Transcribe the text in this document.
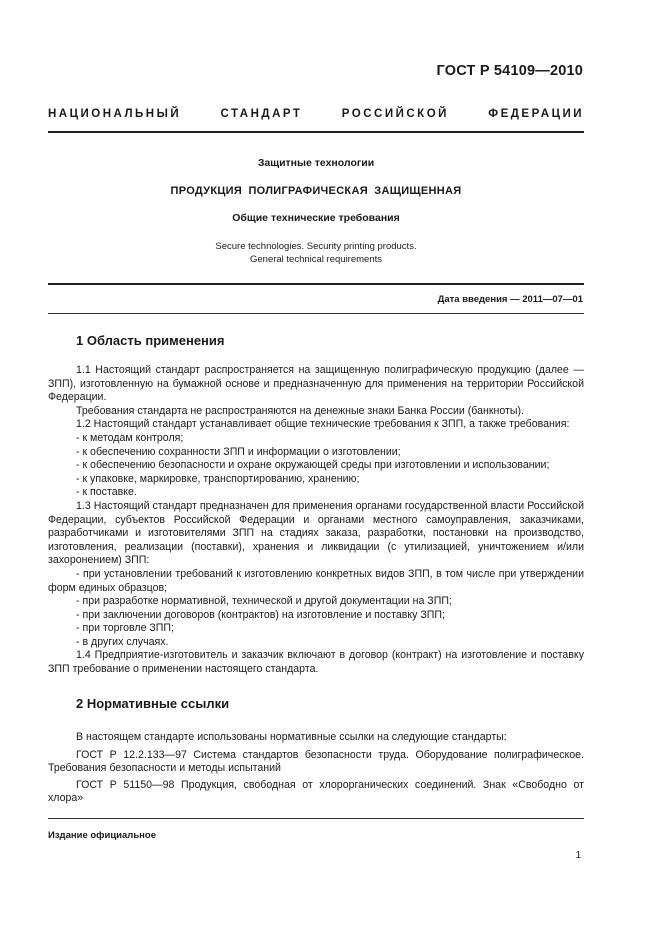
ГОСТ Р 54109—2010
НАЦИОНАЛЬНЫЙ СТАНДАРТ РОССИЙСКОЙ ФЕДЕРАЦИИ
Защитные технологии
ПРОДУКЦИЯ ПОЛИГРАФИЧЕСКАЯ ЗАЩИЩЕННАЯ
Общие технические требования
Secure technologies. Security printing products.
General technical requirements
Дата введения — 2011—07—01
1 Область применения

1.1 Настоящий стандарт распространяется на защищенную полиграфическую продукцию (далее — ЗПП), изготовленную на бумажной основе и предназначенную для применения на территории Российской Федерации.

Требования стандарта не распространяются на денежные знаки Банка России (банкноты).

1.2 Настоящий стандарт устанавливает общие технические требования к ЗПП, а также требования:

- к методам контроля;

- к обеспечению сохранности ЗПП и информации о изготовлении;

- к обеспечению безопасности и охране окружающей среды при изготовлении и использовании;

- к упаковке, маркировке, транспортированию, хранению;

- к поставке.

1.3 Настоящий стандарт предназначен для применения органами государственной власти Российской Федерации, субъектов Российской Федерации и органами местного самоуправления, заказчиками, разработчиками и изготовителями ЗПП на стадиях заказа, разработки, постановки на производство, изготовления, реализации (поставки), хранения и ликвидации (с утилизацией, уничтожением и/или захоронением) ЗПП:

- при установлении требований к изготовлению конкретных видов ЗПП, в том числе при утверждении форм единых образцов;

- при разработке нормативной, технической и другой документации на ЗПП;

- при заключении договоров (контрактов) на изготовление и поставку ЗПП;

- при торговле ЗПП;

- в других случаях.

1.4 Предприятие-изготовитель и заказчик включают в договор (контракт) на изготовление и поставку ЗПП требование о применении настоящего стандарта.

2 Нормативные ссылки

В настоящем стандарте использованы нормативные ссылки на следующие стандарты:

ГОСТ Р 12.2.133—97 Система стандартов безопасности труда. Оборудование полиграфическое. Требования безопасности и методы испытаний

ГОСТ Р 51150—98 Продукция, свободная от хлорорганических соединений. Знак «Свободно от хлора»

Издание официальное
1
